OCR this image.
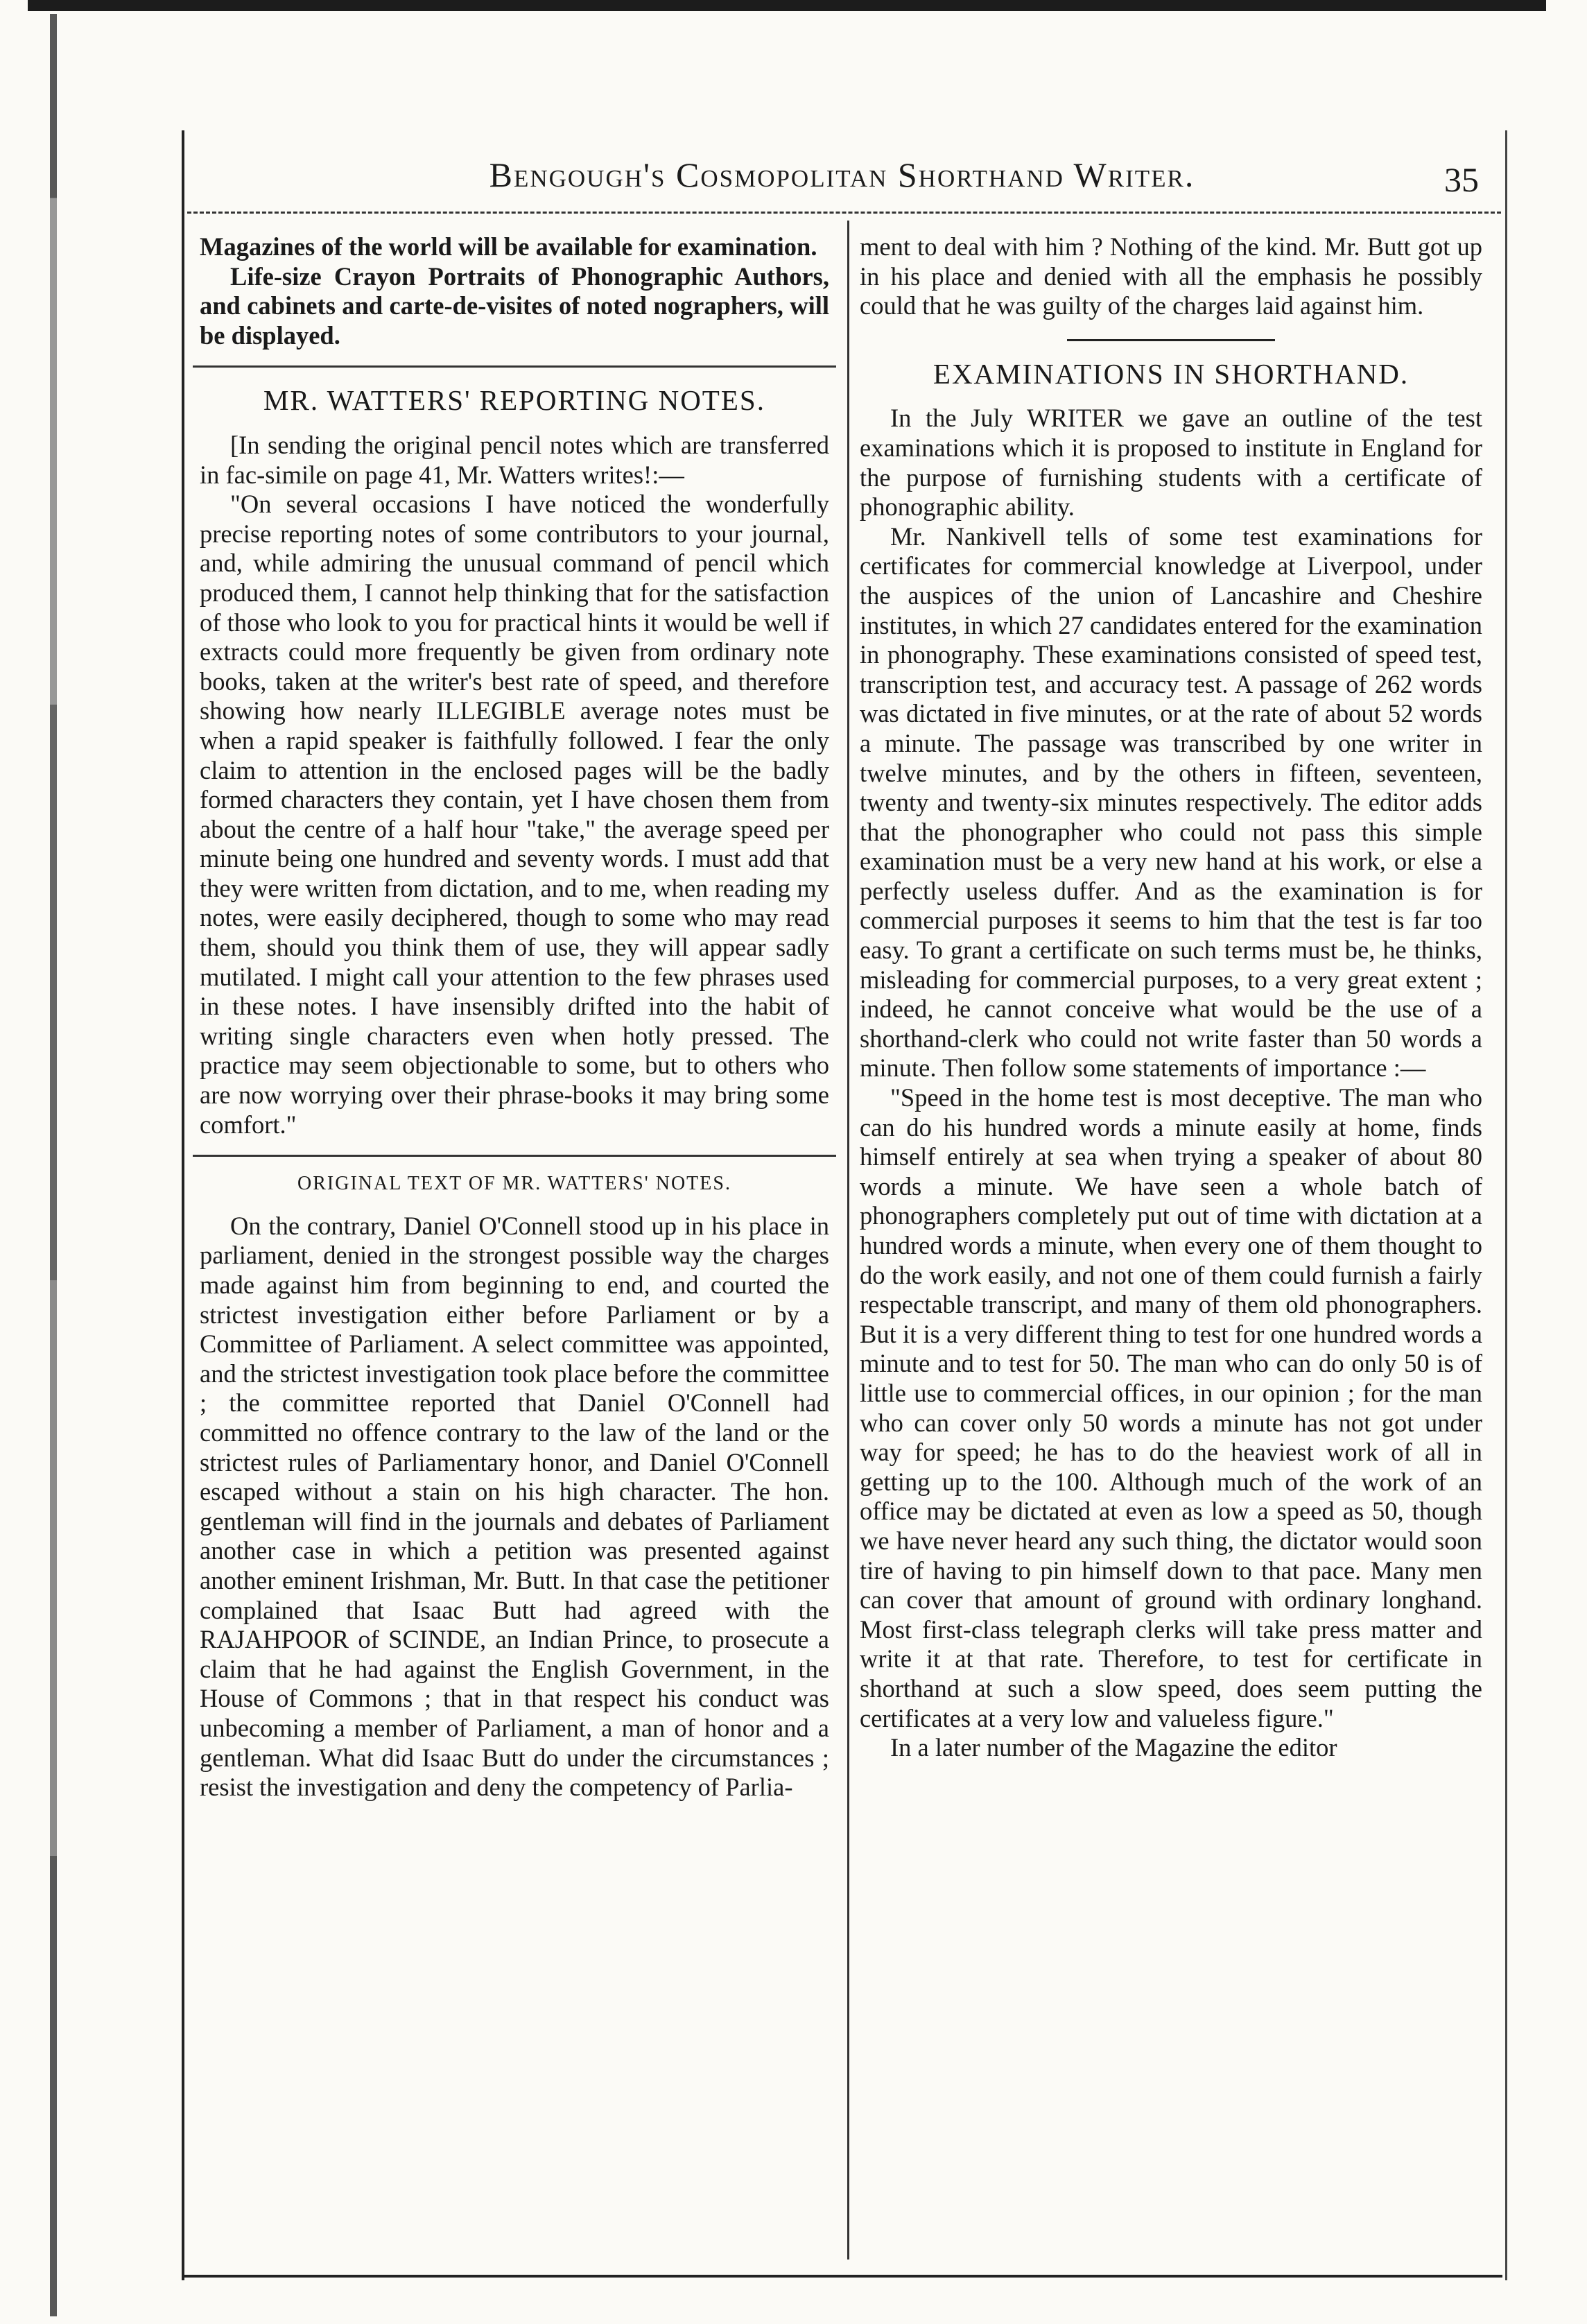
Bengough's Cosmopolitan Shorthand Writer.	35

Magazines of the world will be available for examination.

Life-size Crayon Portraits of Phonographic Authors, and cabinets and carte-de-visites of noted nographers, will be displayed.

MR. WATTERS' REPORTING NOTES.

[In sending the original pencil notes which are transferred in fac-simile on page 41, Mr. Watters writes!:—

"On several occasions I have noticed the wonderfully precise reporting notes of some contributors to your journal, and, while admiring the unusual command of pencil which produced them, I cannot help thinking that for the satisfaction of those who look to you for practical hints it would be well if extracts could more frequently be given from ordinary note books, taken at the writer's best rate of speed, and therefore showing how nearly ILLEGIBLE average notes must be when a rapid speaker is faithfully followed. I fear the only claim to attention in the enclosed pages will be the badly formed characters they contain, yet I have chosen them from about the centre of a half hour "take," the average speed per minute being one hundred and seventy words. I must add that they were written from dictation, and to me, when reading my notes, were easily deciphered, though to some who may read them, should you think them of use, they will appear sadly mutilated. I might call your attention to the few phrases used in these notes. I have insensibly drifted into the habit of writing single characters even when hotly pressed. The practice may seem objectionable to some, but to others who are now worrying over their phrase-books it may bring some comfort."

ORIGINAL TEXT OF MR. WATTERS' NOTES.

On the contrary, Daniel O'Connell stood up in his place in parliament, denied in the strongest possible way the charges made against him from beginning to end, and courted the strictest investigation either before Parliament or by a Committee of Parliament. A select committee was appointed, and the strictest investigation took place before the committee ; the committee reported that Daniel O'Connell had committed no offence contrary to the law of the land or the strictest rules of Parliamentary honor, and Daniel O'Connell escaped without a stain on his high character. The hon. gentleman will find in the journals and debates of Parliament another case in which a petition was presented against another eminent Irishman, Mr. Butt. In that case the petitioner complained that Isaac Butt had agreed with the RAJAHPOOR of SCINDE, an Indian Prince, to prosecute a claim that he had against the English Government, in the House of Commons ; that in that respect his conduct was unbecoming a member of Parliament, a man of honor and a gentleman. What did Isaac Butt do under the circumstances ; resist the investigation and deny the competency of Parlia-

ment to deal with him ? Nothing of the kind. Mr. Butt got up in his place and denied with all the emphasis he possibly could that he was guilty of the charges laid against him.

EXAMINATIONS IN SHORTHAND.

In the July WRITER we gave an outline of the test examinations which it is proposed to institute in England for the purpose of furnishing students with a certificate of phonographic ability.

Mr. Nankivell tells of some test examinations for certificates for commercial knowledge at Liverpool, under the auspices of the union of Lancashire and Cheshire institutes, in which 27 candidates entered for the examination in phonography. These examinations consisted of speed test, transcription test, and accuracy test. A passage of 262 words was dictated in five minutes, or at the rate of about 52 words a minute. The passage was transcribed by one writer in twelve minutes, and by the others in fifteen, seventeen, twenty and twenty-six minutes respectively. The editor adds that the phonographer who could not pass this simple examination must be a very new hand at his work, or else a perfectly useless duffer. And as the examination is for commercial purposes it seems to him that the test is far too easy. To grant a certificate on such terms must be, he thinks, misleading for commercial purposes, to a very great extent ; indeed, he cannot conceive what would be the use of a shorthand-clerk who could not write faster than 50 words a minute. Then follow some statements of importance :—

"Speed in the home test is most deceptive. The man who can do his hundred words a minute easily at home, finds himself entirely at sea when trying a speaker of about 80 words a minute. We have seen a whole batch of phonographers completely put out of time with dictation at a hundred words a minute, when every one of them thought to do the work easily, and not one of them could furnish a fairly respectable transcript, and many of them old phonographers. But it is a very different thing to test for one hundred words a minute and to test for 50. The man who can do only 50 is of little use to commercial offices, in our opinion ; for the man who can cover only 50 words a minute has not got under way for speed; he has to do the heaviest work of all in getting up to the 100. Although much of the work of an office may be dictated at even as low a speed as 50, though we have never heard any such thing, the dictator would soon tire of having to pin himself down to that pace. Many men can cover that amount of ground with ordinary longhand. Most first-class telegraph clerks will take press matter and write it at that rate. Therefore, to test for certificate in shorthand at such a slow speed, does seem putting the certificates at a very low and valueless figure."

In a later number of the Magazine the editor
